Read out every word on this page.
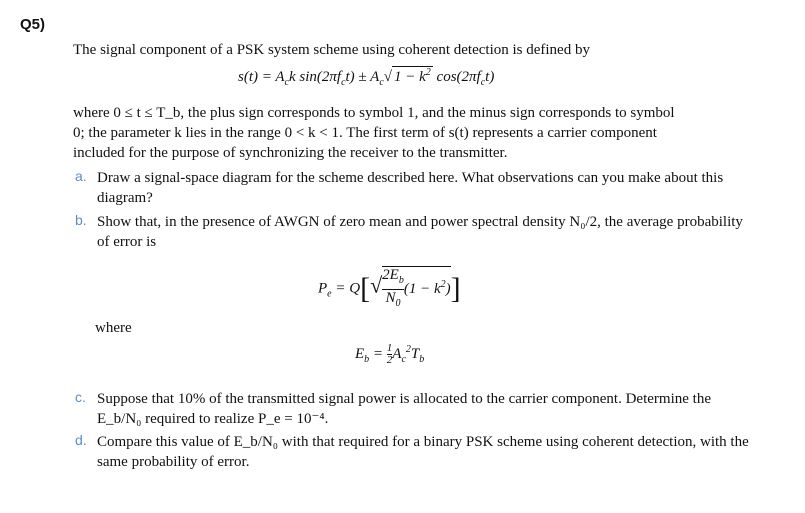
Q5)
The signal component of a PSK system scheme using coherent detection is defined by
$s(t) = A_ck$ $\sin(2\pi f_ct) \pm A_c√$ $1 - k^2$ $\cos(2\pi f_ct)$
where 0 ≤ t ≤ T_b, the plus sign corresponds to symbol 1, and the minus sign corresponds to symbol
0; the parameter k lies in the range 0 < k < 1. The first term of s(t) represents a carrier component
included for the purpose of synchronizing the receiver to the transmitter.
a. Draw a signal-space diagram for the scheme described here. What observations can you make about this diagram?
b. Show that, in the presence of AWGN of zero mean and power spectral density N₀/2, the average probability of error is
$P_e = Q[√ \frac{2E_b}{N_0} (1 - k^2)]$
where
$E_b = \frac{1}{2} A_c^2T_b$
c. Suppose that 10% of the transmitted signal power is allocated to the carrier component. Determine the E_b/N₀ required to realize P_e = 10⁻⁴.
d. Compare this value of E_b/N₀ with that required for a binary PSK scheme using coherent detection, with the same probability of error.
